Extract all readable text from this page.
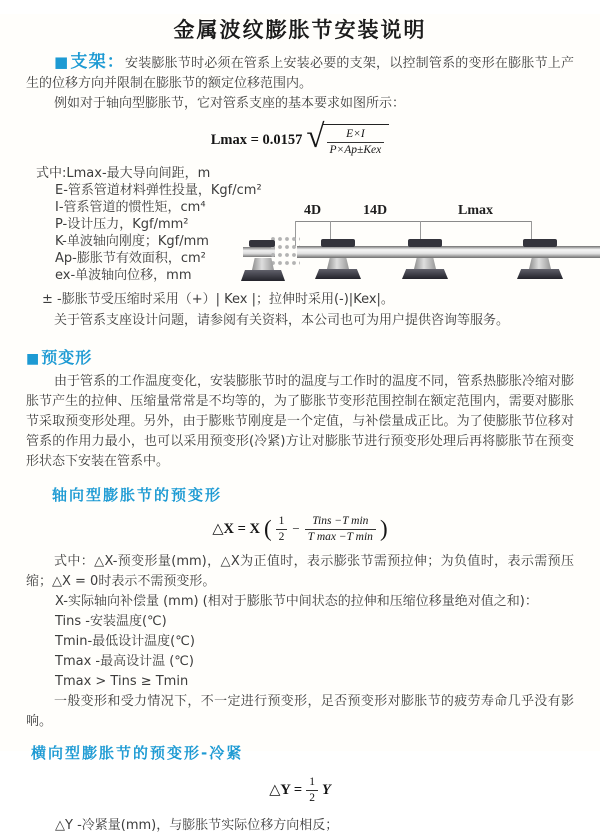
金属波纹膨胀节安装说明

■支架：安装膨胀节时必须在管系上安装必要的支架，以控制管系的变形在膨胀节上产生的位移方向并限制在膨胀节的额定位移范围内。

例如对于轴向型膨胀节，它对管系支座的基本要求如图所示：

Lmax = 0.0157 √ $\frac{E\times I}{\text{P×Ap±Kex}}$
式中:Lmax-最大导向间距，m
E-管系管道材料弹性投量，Kgf/cm²
I-管系管道的惯性矩，cm⁴
P-设计压力，Kgf/mm²
K-单波轴向刚度；Kgf/mm
Ap-膨胀节有效面积，cm²
ex-单波轴向位移，mm

± -膨胀节受压缩时采用（+）| Kex |；拉伸时采用(-)|Kex|。

关于管系支座设计问题，请参阅有关资料，本公司也可为用户提供咨询等服务。

■预变形

由于管系的工作温度变化，安装膨胀节时的温度与工作时的温度不同，管系热膨胀冷缩对膨胀节产生的拉伸、压缩量常常是不均等的，为了膨胀节变形范围控制在额定范围内，需要对膨胀节采取预变形处理。另外，由于膨账节刚度是一个定值，与补偿量成正比。为了使膨胀节位移对管系的作用力最小，也可以采用预变形(冷紧)方让对膨胀节进行预变形处理后再将膨胀节在预变形状态下安装在管系中。

轴向型膨胀节的预变形
△X = X ( $\frac{1}{2} - \frac{\text{Tins −T min}}{\text{T max −T min}}$ )

式中：△X-预变形量(mm)，△X为正值时，表示膨张节需预拉伸；为负值时，表示需预压缩；△X = 0时表示不需预变形。

X-实际轴向补偿量 (mm) (相对于膨胀节中间状态的拉伸和压缩位移量绝对值之和)：
Tins -安装温度(℃)
Tmin-最低设计温度(℃)
Tmax -最高设计温 (℃)
Tmax > Tins ≥ Tmin

一般变形和受力情况下，不一定进行预变形，足否预变形对膨胀节的疲劳寿命几乎没有影响。

横向型膨胀节的预变形-冷紧
△Y = $\frac{1}{2}$ Y
△Y -冷紧量(mm)，与膨胀节实际位移方向相反；
4D	14D	Lmax
